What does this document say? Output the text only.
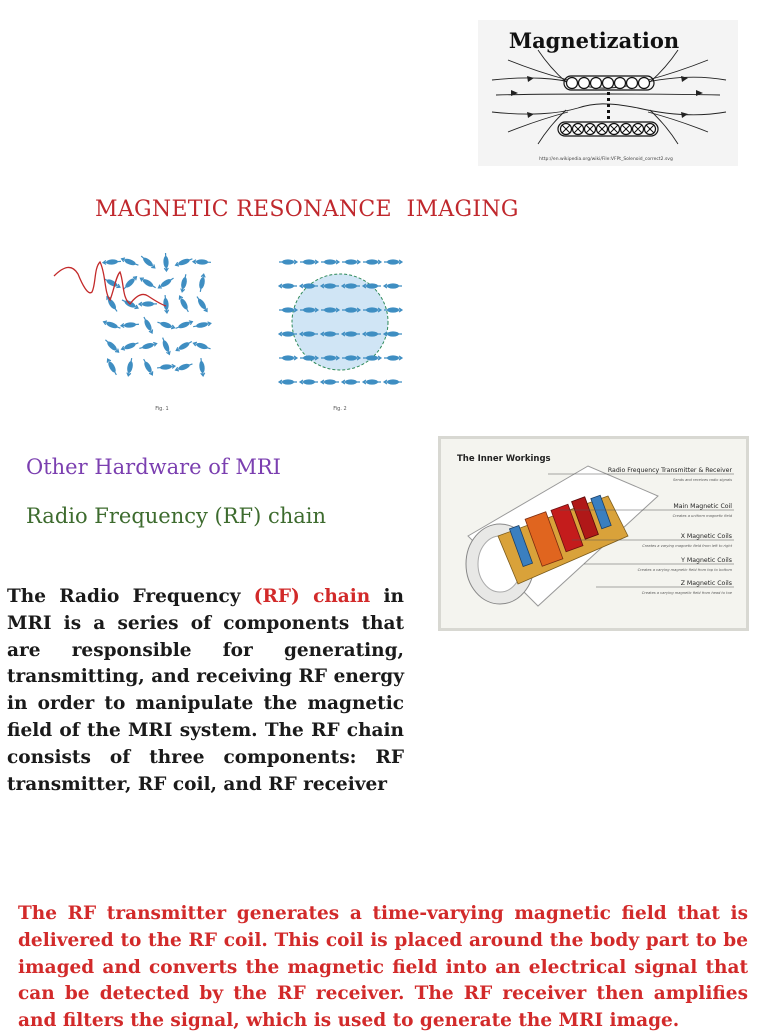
Magnetization
http://en.wikipedia.org/wiki/File:VFPt_Solenoid_correct2.svg
MAGNETIC RESONANCE  IMAGING
Fig. 1	Fig. 2
Other Hardware of MRI
Radio Frequency (RF) chain
The Inner Workings
Radio Frequency Transmitter & Receiver
Sends and receives radio signals
Main Magnetic Coil
Creates a uniform magnetic field
X Magnetic Coils
Creates a varying magnetic field from left to right
Y Magnetic Coils
Creates a varying magnetic field from top to bottom
Z Magnetic Coils
Creates a varying magnetic field from head to toe
The Radio Frequency (RF) chain in MRI is a series of components that are responsible for generating, transmitting, and receiving RF energy in order to manipulate the magnetic field of the MRI system. The RF chain consists of three components: RF transmitter, RF coil, and RF receiver
The RF transmitter generates a time-varying magnetic field that is delivered to the RF coil. This coil is placed around the body part to be imaged and converts the magnetic field into an electrical signal that can be detected by the RF receiver. The RF receiver then amplifies and filters the signal, which is used to generate the MRI image.
